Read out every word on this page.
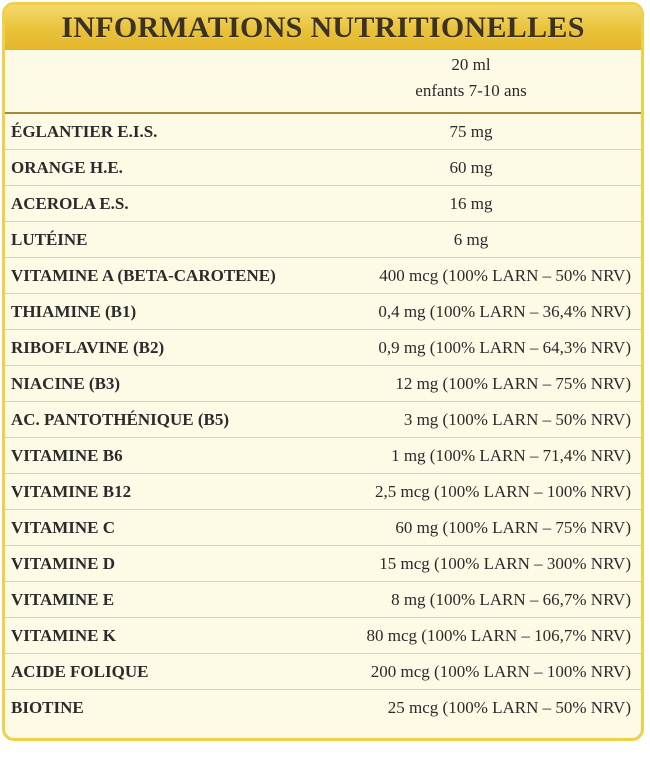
INFORMATIONS NUTRITIONELLES
20 ml
enfants 7-10 ans
ÉGLANTIER E.I.S.	75 mg
ORANGE H.E.	60 mg
ACEROLA E.S.	16 mg
LUTÉINE	6 mg
VITAMINE A (BETA-CAROTENE)	400 mcg (100% LARN – 50% NRV)
THIAMINE (B1)	0,4 mg (100% LARN – 36,4% NRV)
RIBOFLAVINE (B2)	0,9 mg (100% LARN – 64,3% NRV)
NIACINE (B3)	12 mg (100% LARN – 75% NRV)
AC. PANTOTHÉNIQUE (B5)	3 mg (100% LARN – 50% NRV)
VITAMINE B6	1 mg (100% LARN – 71,4% NRV)
VITAMINE B12	2,5 mcg (100% LARN – 100% NRV)
VITAMINE C	60 mg (100% LARN – 75% NRV)
VITAMINE D	15 mcg (100% LARN – 300% NRV)
VITAMINE E	8 mg (100% LARN – 66,7% NRV)
VITAMINE K	80 mcg (100% LARN – 106,7% NRV)
ACIDE FOLIQUE	200 mcg (100% LARN – 100% NRV)
BIOTINE	25 mcg (100% LARN – 50% NRV)
